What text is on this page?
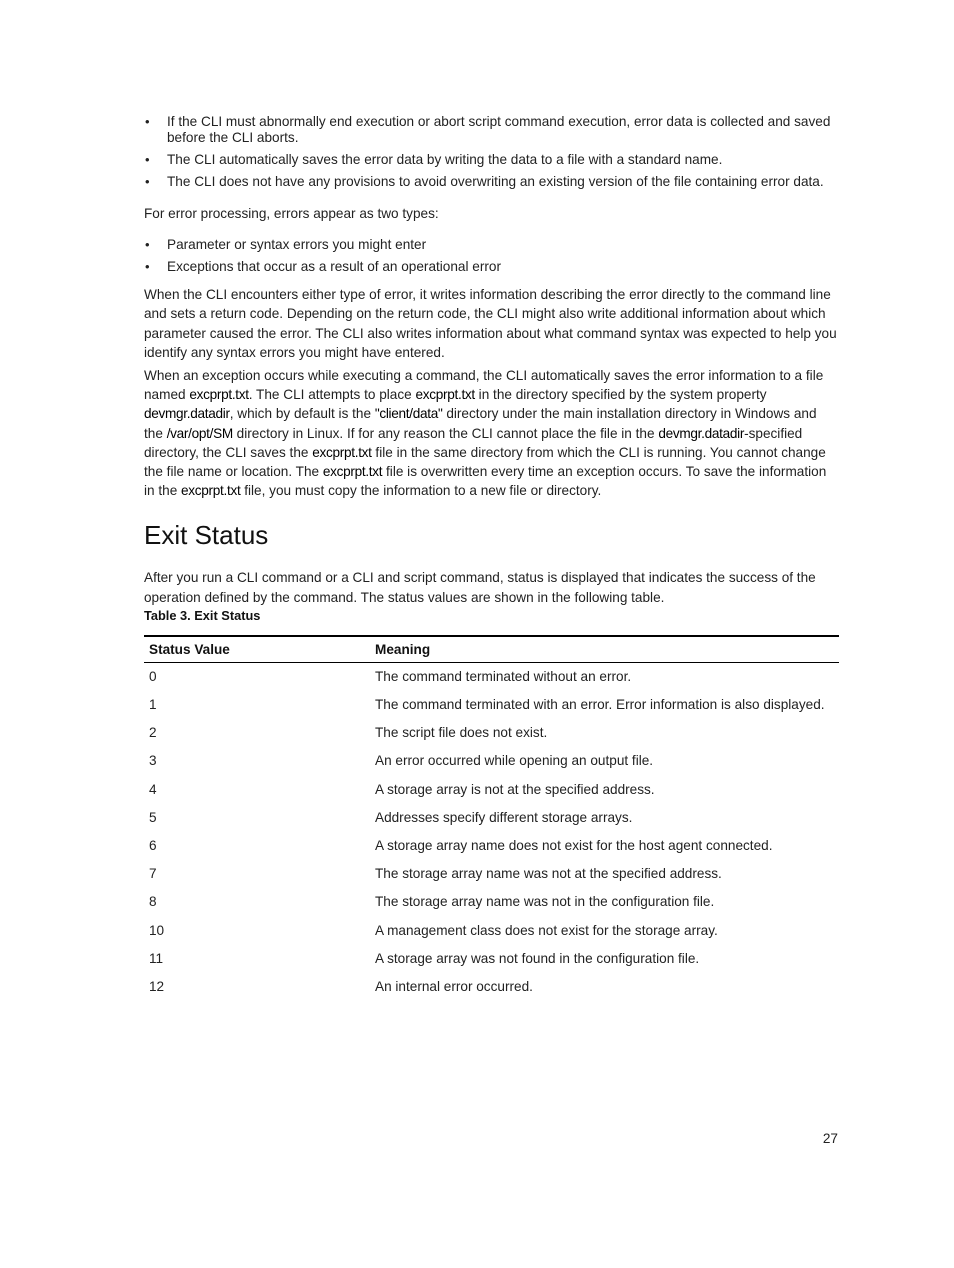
• If the CLI must abnormally end execution or abort script command execution, error data is collected and saved before the CLI aborts.
• The CLI automatically saves the error data by writing the data to a file with a standard name.
• The CLI does not have any provisions to avoid overwriting an existing version of the file containing error data.

For error processing, errors appear as two types:

• Parameter or syntax errors you might enter
• Exceptions that occur as a result of an operational error

When the CLI encounters either type of error, it writes information describing the error directly to the command line and sets a return code. Depending on the return code, the CLI might also write additional information about which parameter caused the error. The CLI also writes information about what command syntax was expected to help you identify any syntax errors you might have entered.

When an exception occurs while executing a command, the CLI automatically saves the error information to a file named excprpt.txt. The CLI attempts to place excprpt.txt in the directory specified by the system property devmgr.datadir, which by default is the "client/data" directory under the main installation directory in Windows and the /var/opt/SM directory in Linux. If for any reason the CLI cannot place the file in the devmgr.datadir-specified directory, the CLI saves the excprpt.txt file in the same directory from which the CLI is running. You cannot change the file name or location. The excprpt.txt file is overwritten every time an exception occurs. To save the information in the excprpt.txt file, you must copy the information to a new file or directory.

Exit Status

After you run a CLI command or a CLI and script command, status is displayed that indicates the success of the operation defined by the command. The status values are shown in the following table.

Table 3. Exit Status

Status Value	Meaning
0	The command terminated without an error.
1	The command terminated with an error. Error information is also displayed.
2	The script file does not exist.
3	An error occurred while opening an output file.
4	A storage array is not at the specified address.
5	Addresses specify different storage arrays.
6	A storage array name does not exist for the host agent connected.
7	The storage array name was not at the specified address.
8	The storage array name was not in the configuration file.
10	A management class does not exist for the storage array.
11	A storage array was not found in the configuration file.
12	An internal error occurred.
27
